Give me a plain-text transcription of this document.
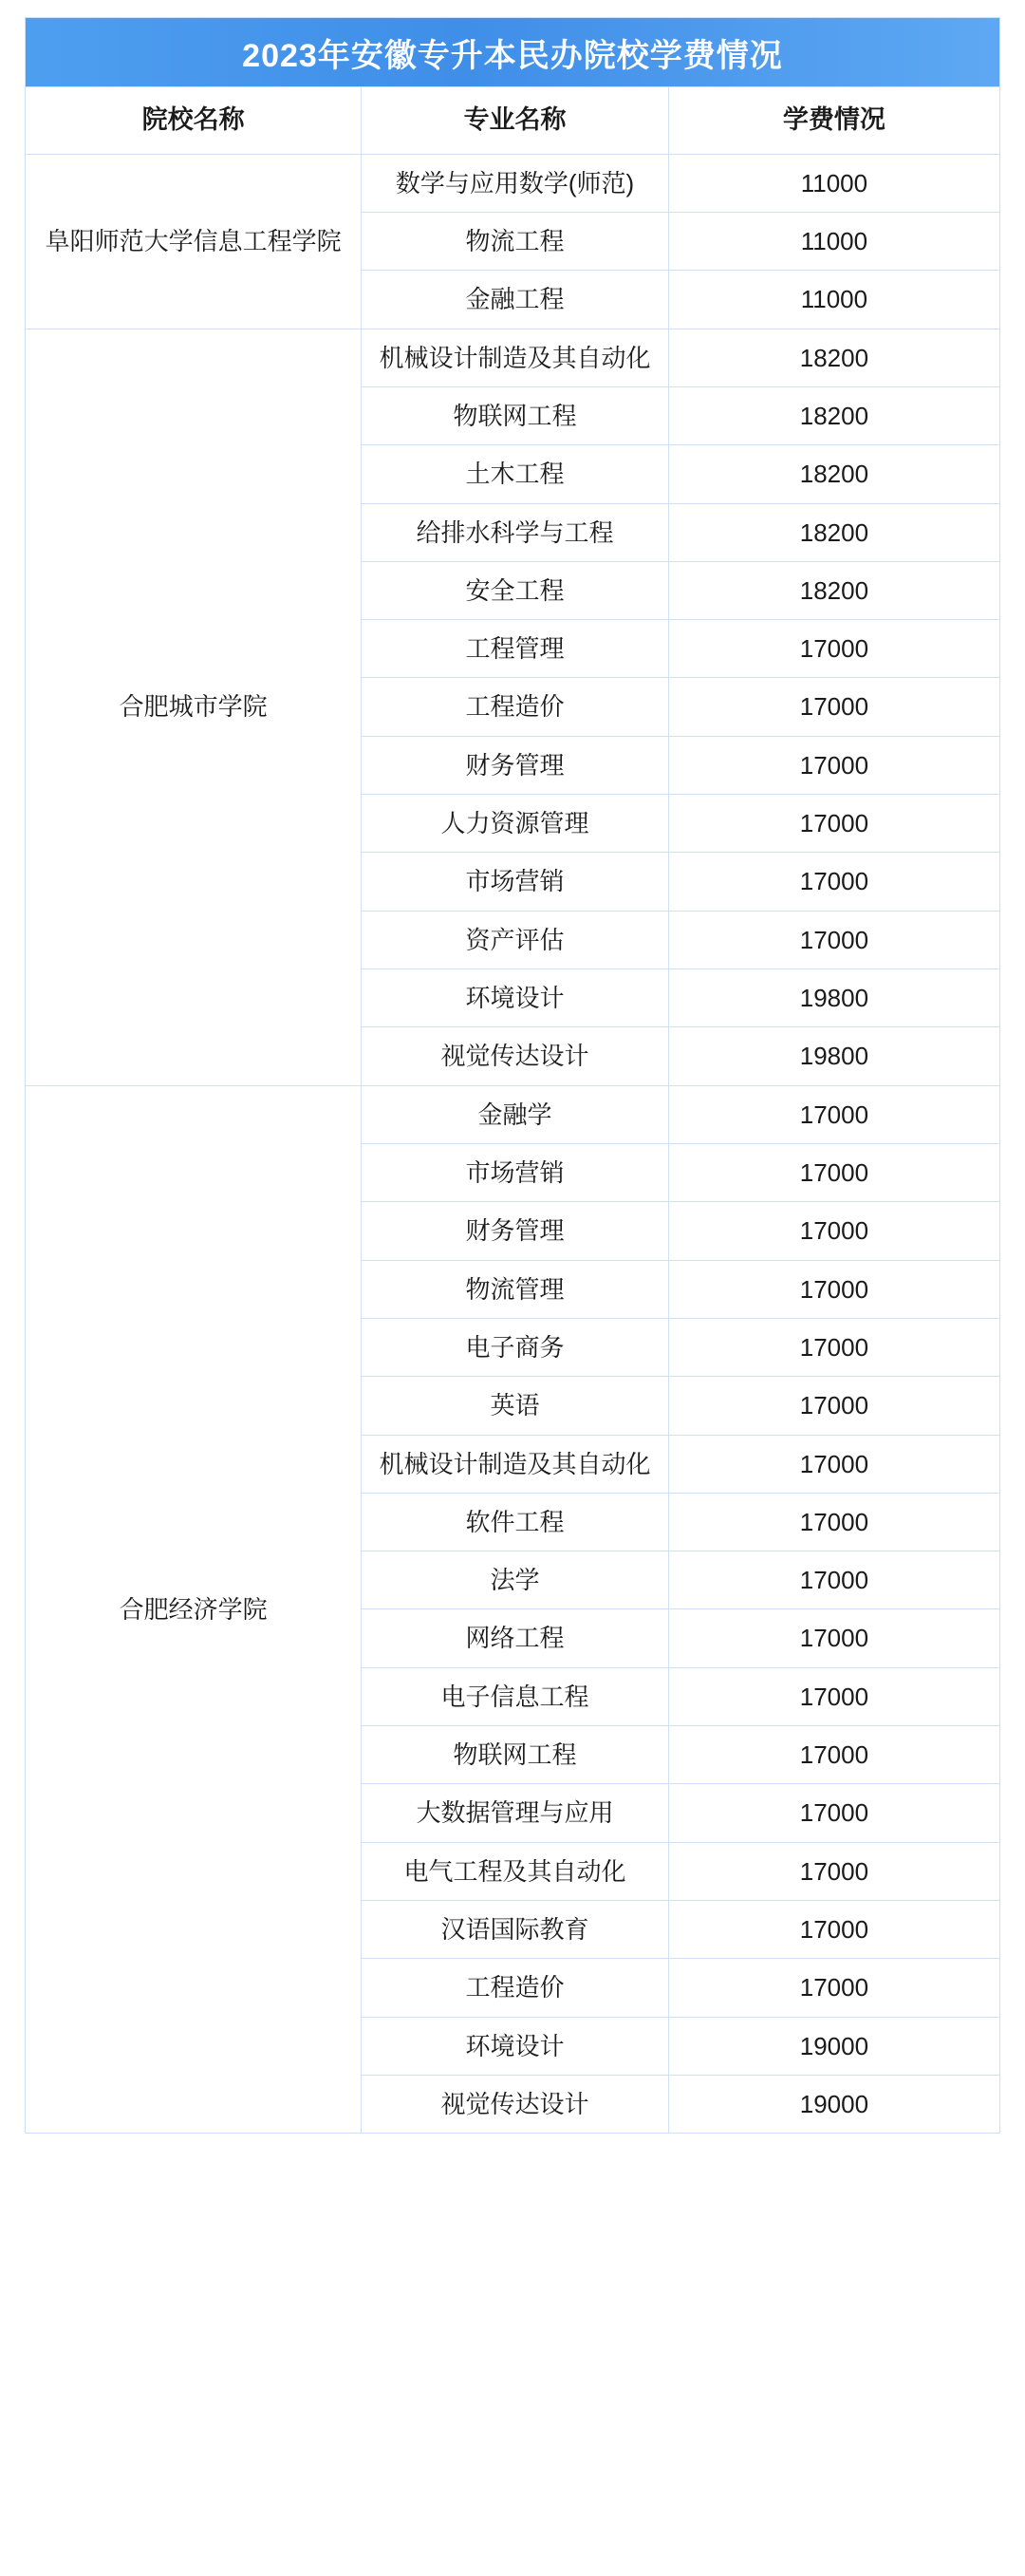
2023年安徽专升本民办院校学费情况
院校名称	专业名称	学费情况
阜阳师范大学信息工程学院	数学与应用数学(师范)	11000
	物流工程	11000
	金融工程	11000
合肥城市学院	机械设计制造及其自动化	18200
	物联网工程	18200
	土木工程	18200
	给排水科学与工程	18200
	安全工程	18200
	工程管理	17000
	工程造价	17000
	财务管理	17000
	人力资源管理	17000
	市场营销	17000
	资产评估	17000
	环境设计	19800
	视觉传达设计	19800
合肥经济学院	金融学	17000
	市场营销	17000
	财务管理	17000
	物流管理	17000
	电子商务	17000
	英语	17000
	机械设计制造及其自动化	17000
	软件工程	17000
	法学	17000
	网络工程	17000
	电子信息工程	17000
	物联网工程	17000
	大数据管理与应用	17000
	电气工程及其自动化	17000
	汉语国际教育	17000
	工程造价	17000
	环境设计	19000
	视觉传达设计	19000
